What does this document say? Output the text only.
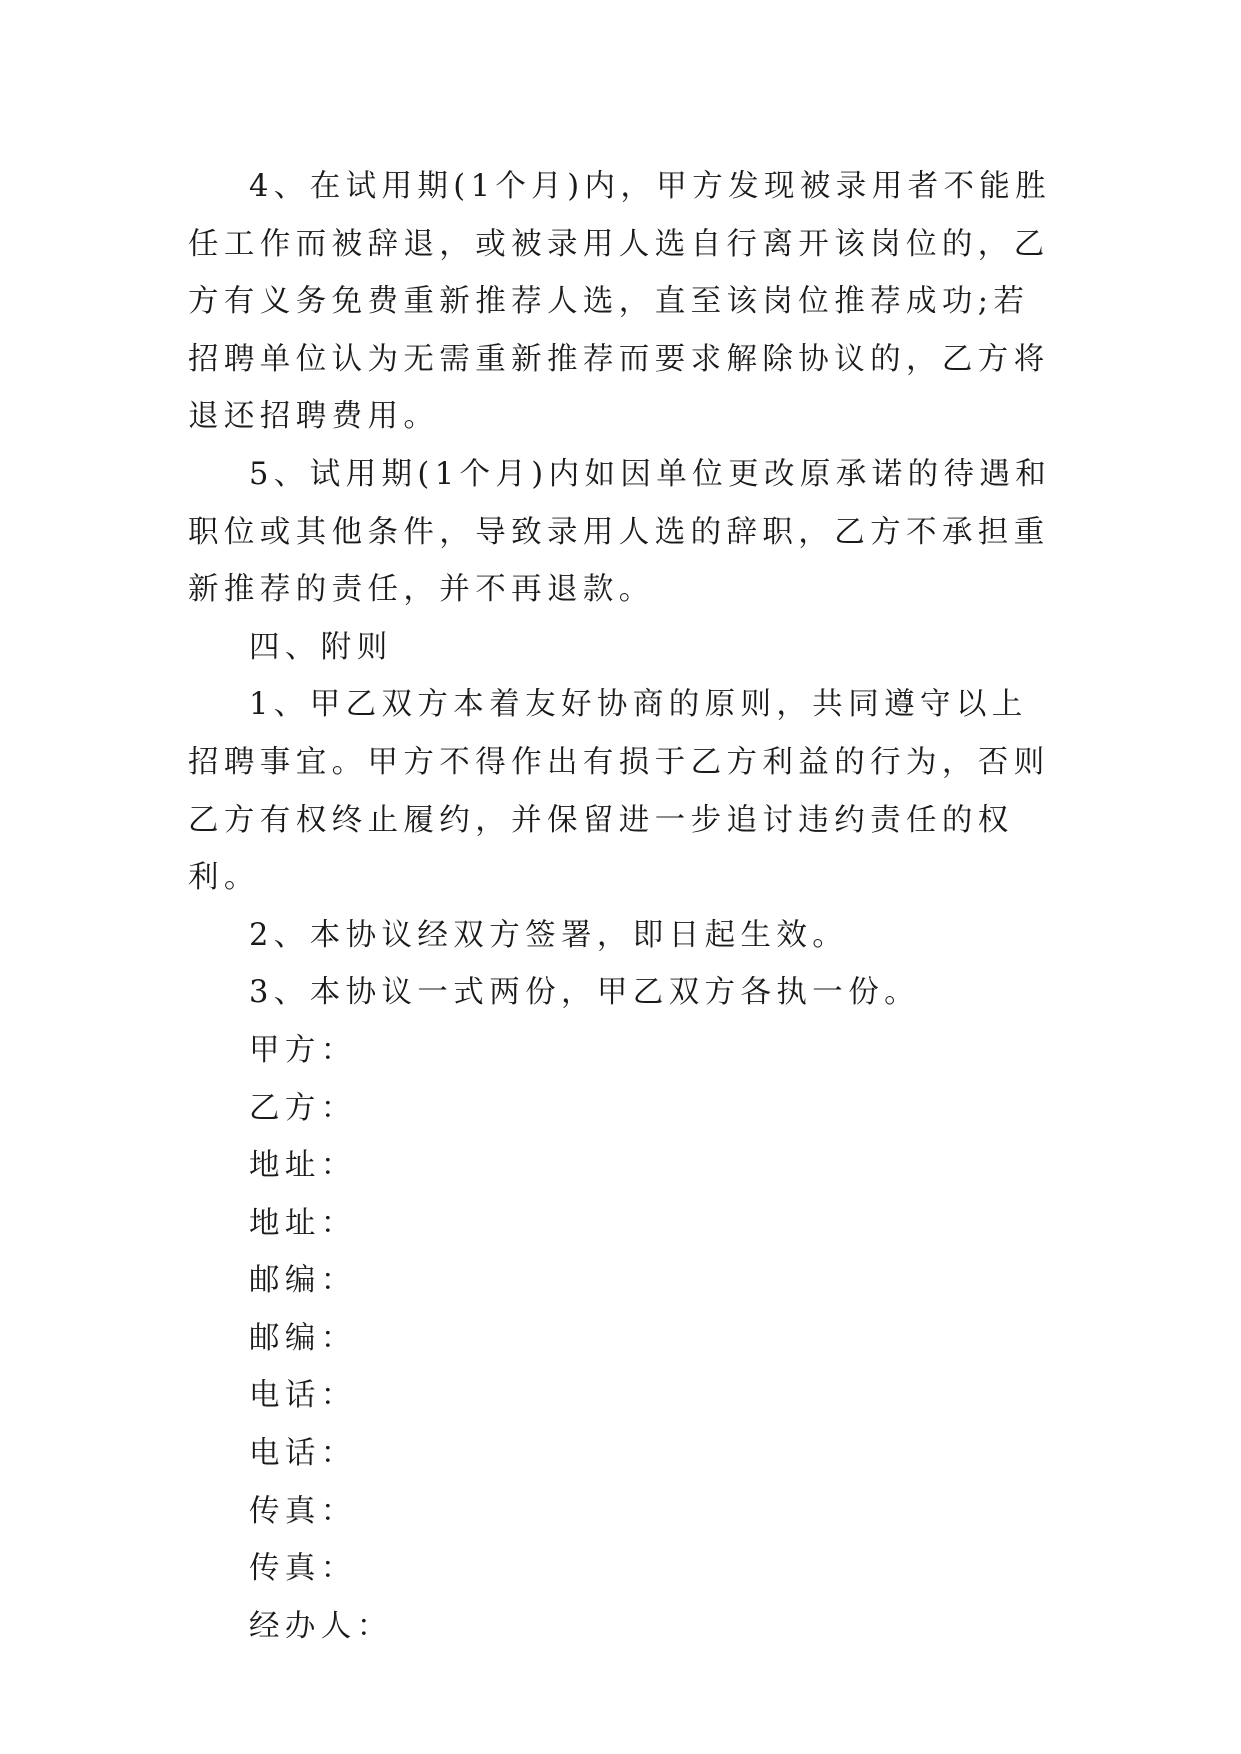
4、在试用期(1个月)内，甲方发现被录用者不能胜任工作而被辞退，或被录用人选自行离开该岗位的，乙方有义务免费重新推荐人选，直至该岗位推荐成功;若招聘单位认为无需重新推荐而要求解除协议的，乙方将退还招聘费用。

5、试用期(1个月)内如因单位更改原承诺的待遇和职位或其他条件，导致录用人选的辞职，乙方不承担重新推荐的责任，并不再退款。

四、附则

1、甲乙双方本着友好协商的原则，共同遵守以上招聘事宜。甲方不得作出有损于乙方利益的行为，否则乙方有权终止履约，并保留进一步追讨违约责任的权利。

2、本协议经双方签署，即日起生效。

3、本协议一式两份，甲乙双方各执一份。

甲方：

乙方：

地址：

地址：

邮编：

邮编：

电话：

电话：

传真：

传真：

经办人：
